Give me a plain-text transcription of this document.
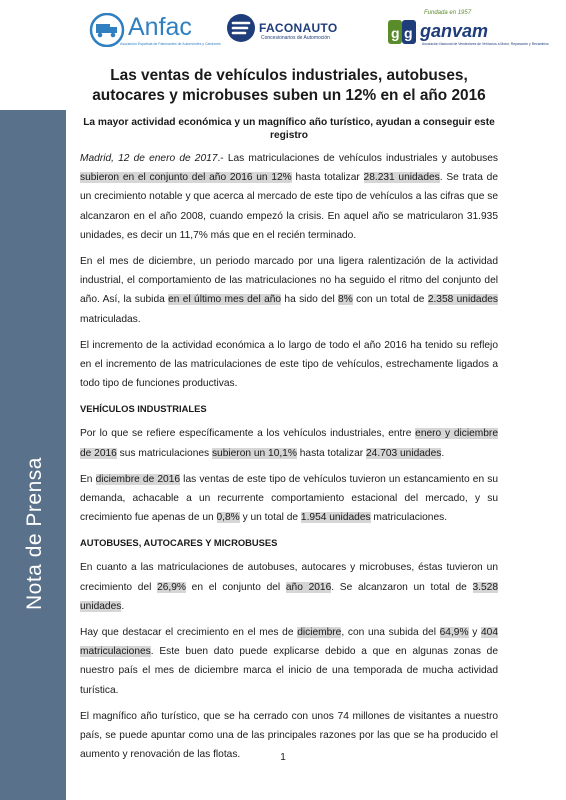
Anfac
Asociación Española de Fabricantes de Automóviles y Camiones
FACONAUTO
Concesionarios de Automoción	g g
Fundada en 1957
ganvam
Asociación Nacional de Vendedores de Vehículos a Motor, Reparación y Recambios
Nota de Prensa
Las ventas de vehículos industriales, autobuses, autocares y microbuses suben un 12% en el año 2016
La mayor actividad económica y un magnífico año turístico, ayudan a conseguir este registro

Madrid, 12 de enero de 2017.- Las matriculaciones de vehículos industriales y autobuses subieron en el conjunto del año 2016 un 12% hasta totalizar 28.231 unidades. Se trata de un crecimiento notable y que acerca al mercado de este tipo de vehículos a las cifras que se alcanzaron en el año 2008, cuando empezó la crisis. En aquel año se matricularon 31.935 unidades, es decir un 11,7% más que en el recién terminado.

En el mes de diciembre, un periodo marcado por una ligera ralentización de la actividad industrial, el comportamiento de las matriculaciones no ha seguido el ritmo del conjunto del año. Así, la subida en el último mes del año ha sido del 8% con un total de 2.358 unidades matriculadas.

El incremento de la actividad económica a lo largo de todo el año 2016 ha tenido su reflejo en el incremento de las matriculaciones de este tipo de vehículos, estrechamente ligados a todo tipo de funciones productivas.

VEHÍCULOS INDUSTRIALES

Por lo que se refiere específicamente a los vehículos industriales, entre enero y diciembre de 2016 sus matriculaciones subieron un 10,1% hasta totalizar 24.703 unidades.

En diciembre de 2016 las ventas de este tipo de vehículos tuvieron un estancamiento en su demanda, achacable a un recurrente comportamiento estacional del mercado, y su crecimiento fue apenas de un 0,8% y un total de 1.954 unidades matriculaciones.

AUTOBUSES, AUTOCARES Y MICROBUSES

En cuanto a las matriculaciones de autobuses, autocares y microbuses, éstas tuvieron un crecimiento del 26,9% en el conjunto del año 2016. Se alcanzaron un total de 3.528 unidades.

Hay que destacar el crecimiento en el mes de diciembre, con una subida del 64,9% y 404 matriculaciones. Este buen dato puede explicarse debido a que en algunas zonas de nuestro país el mes de diciembre marca el inicio de una temporada de mucha actividad turística.

El magnífico año turístico, que se ha cerrado con unos 74 millones de visitantes a nuestro país, se puede apuntar como una de las principales razones por las que se ha producido el aumento y renovación de las flotas.	1
